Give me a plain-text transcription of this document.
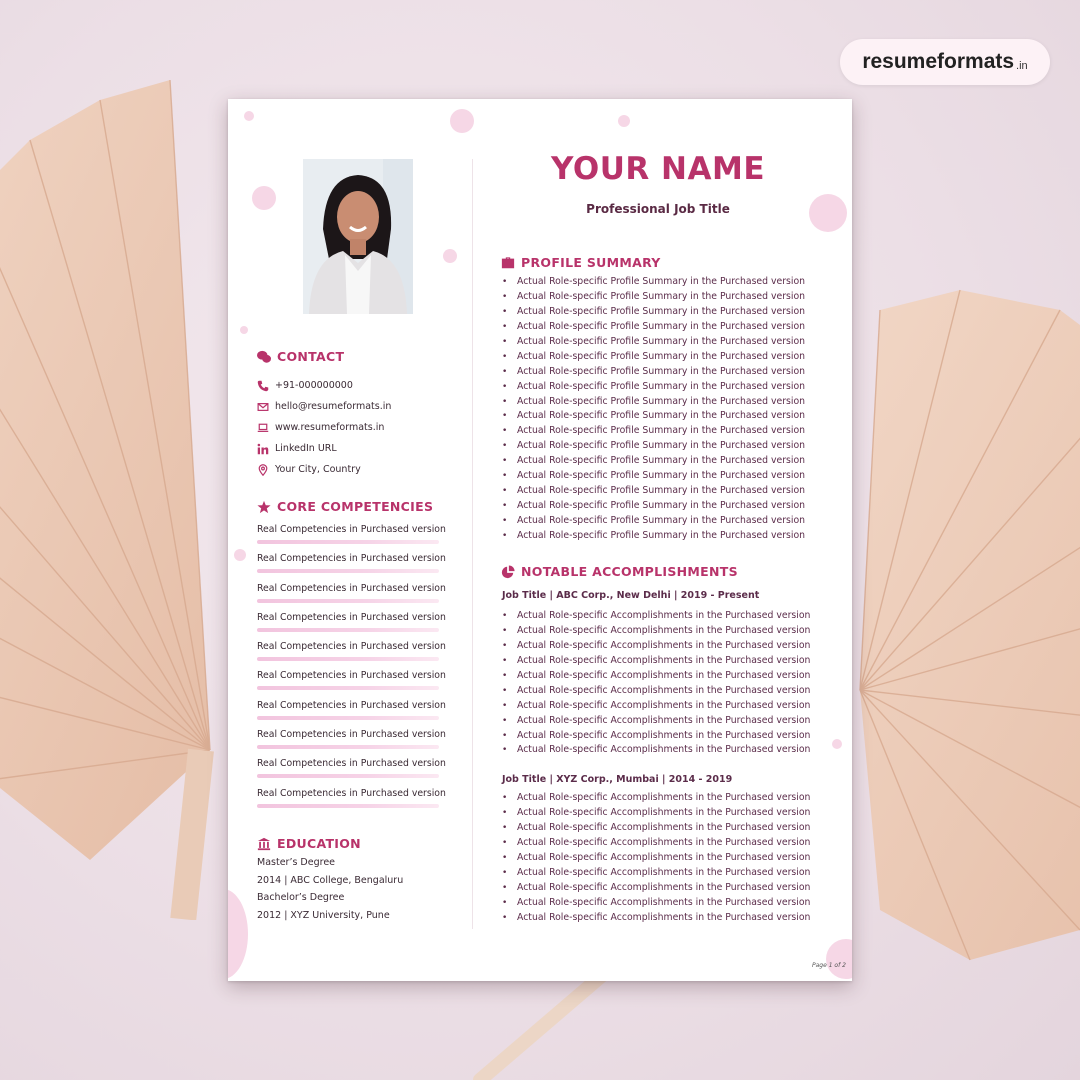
resumeformats .in
CONTACT
+91-000000000
hello@resumeformats.in
www.resumeformats.in
LinkedIn URL
Your City, Country
CORE COMPETENCIES
Real Competencies in Purchased version
Real Competencies in Purchased version
Real Competencies in Purchased version
Real Competencies in Purchased version
Real Competencies in Purchased version
Real Competencies in Purchased version
Real Competencies in Purchased version
Real Competencies in Purchased version
Real Competencies in Purchased version
Real Competencies in Purchased version
EDUCATION
Master’s Degree
2014 | ABC College, Bengaluru
Bachelor’s Degree
2012 | XYZ University, Pune
YOUR NAME
Professional Job Title
PROFILE SUMMARY
• Actual Role-specific Profile Summary in the Purchased version
• Actual Role-specific Profile Summary in the Purchased version
• Actual Role-specific Profile Summary in the Purchased version
• Actual Role-specific Profile Summary in the Purchased version
• Actual Role-specific Profile Summary in the Purchased version
• Actual Role-specific Profile Summary in the Purchased version
• Actual Role-specific Profile Summary in the Purchased version
• Actual Role-specific Profile Summary in the Purchased version
• Actual Role-specific Profile Summary in the Purchased version
• Actual Role-specific Profile Summary in the Purchased version
• Actual Role-specific Profile Summary in the Purchased version
• Actual Role-specific Profile Summary in the Purchased version
• Actual Role-specific Profile Summary in the Purchased version
• Actual Role-specific Profile Summary in the Purchased version
• Actual Role-specific Profile Summary in the Purchased version
• Actual Role-specific Profile Summary in the Purchased version
• Actual Role-specific Profile Summary in the Purchased version
• Actual Role-specific Profile Summary in the Purchased version
NOTABLE ACCOMPLISHMENTS
Job Title | ABC Corp., New Delhi | 2019 - Present
• Actual Role-specific Accomplishments in the Purchased version
• Actual Role-specific Accomplishments in the Purchased version
• Actual Role-specific Accomplishments in the Purchased version
• Actual Role-specific Accomplishments in the Purchased version
• Actual Role-specific Accomplishments in the Purchased version
• Actual Role-specific Accomplishments in the Purchased version
• Actual Role-specific Accomplishments in the Purchased version
• Actual Role-specific Accomplishments in the Purchased version
• Actual Role-specific Accomplishments in the Purchased version
• Actual Role-specific Accomplishments in the Purchased version
Job Title | XYZ Corp., Mumbai | 2014 - 2019
• Actual Role-specific Accomplishments in the Purchased version
• Actual Role-specific Accomplishments in the Purchased version
• Actual Role-specific Accomplishments in the Purchased version
• Actual Role-specific Accomplishments in the Purchased version
• Actual Role-specific Accomplishments in the Purchased version
• Actual Role-specific Accomplishments in the Purchased version
• Actual Role-specific Accomplishments in the Purchased version
• Actual Role-specific Accomplishments in the Purchased version
• Actual Role-specific Accomplishments in the Purchased version
Page 1 of 2
